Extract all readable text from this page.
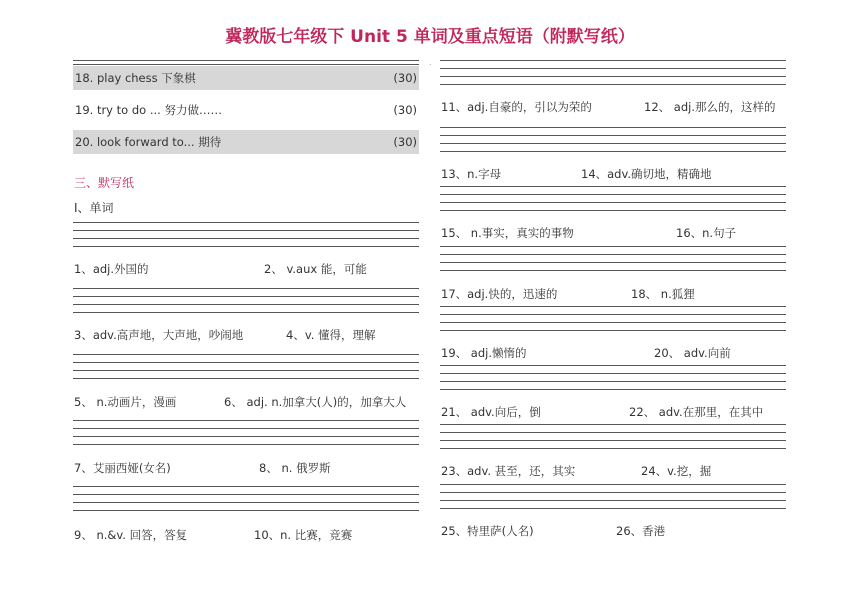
冀教版七年级下 Unit 5 单词及重点短语（附默写纸）
.
18. play chess 下象棋	(30)
19. try to do ... 努力做……	(30)
20. look forward to... 期待	(30)
三、默写纸
I、单词
1、adj.外国的	2、 v.aux 能，可能
3、adv.高声地，大声地，吵闹地	4、v. 懂得，理解
5、 n.动画片，漫画	6、 adj. n.加拿大(人)的，加拿大人
7、艾丽西娅(女名)	8、 n. 俄罗斯
9、 n.&v. 回答，答复	10、n. 比赛，竞赛
11、adj.自豪的，引以为荣的	12、 adj.那么的，这样的
13、n.字母	14、adv.确切地，精确地
15、 n.事实，真实的事物	16、n.句子
17、adj.快的，迅速的	18、 n.狐狸
19、 adj.懒惰的	20、 adv.向前
21、 adv.向后，倒	22、 adv.在那里，在其中
23、adv. 甚至，还，其实	24、v.挖，掘
25、特里萨(人名)	26、香港
